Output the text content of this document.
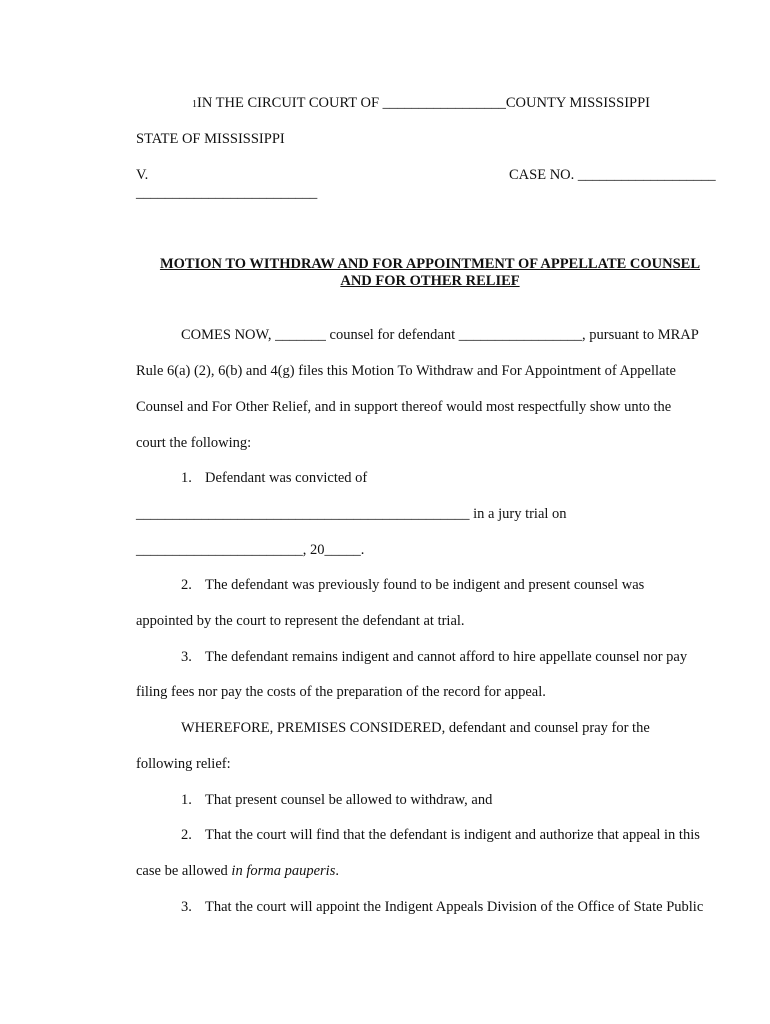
1IN THE CIRCUIT COURT OF _________________COUNTY MISSISSIPPI
STATE OF MISSISSIPPI
V.	CASE NO. ___________________
_________________________
MOTION TO WITHDRAW AND FOR APPOINTMENT OF APPELLATE COUNSEL
AND FOR OTHER RELIEF
COMES NOW, _______ counsel for defendant _________________, pursuant to MRAP
Rule 6(a) (2), 6(b) and 4(g) files this Motion To Withdraw and For Appointment of Appellate
Counsel and For Other Relief, and in support thereof would most respectfully show unto the
court the following:
1. Defendant was convicted of
______________________________________________ in a jury trial on
_______________________, 20_____.
2. The defendant was previously found to be indigent and present counsel was
appointed by the court to represent the defendant at trial.
3. The defendant remains indigent and cannot afford to hire appellate counsel nor pay
filing fees nor pay the costs of the preparation of the record for appeal.
WHEREFORE, PREMISES CONSIDERED, defendant and counsel pray for the
following relief:
1. That present counsel be allowed to withdraw, and
2. That the court will find that the defendant is indigent and authorize that appeal in this
case be allowed in forma pauperis.
3. That the court will appoint the Indigent Appeals Division of the Office of State Public
